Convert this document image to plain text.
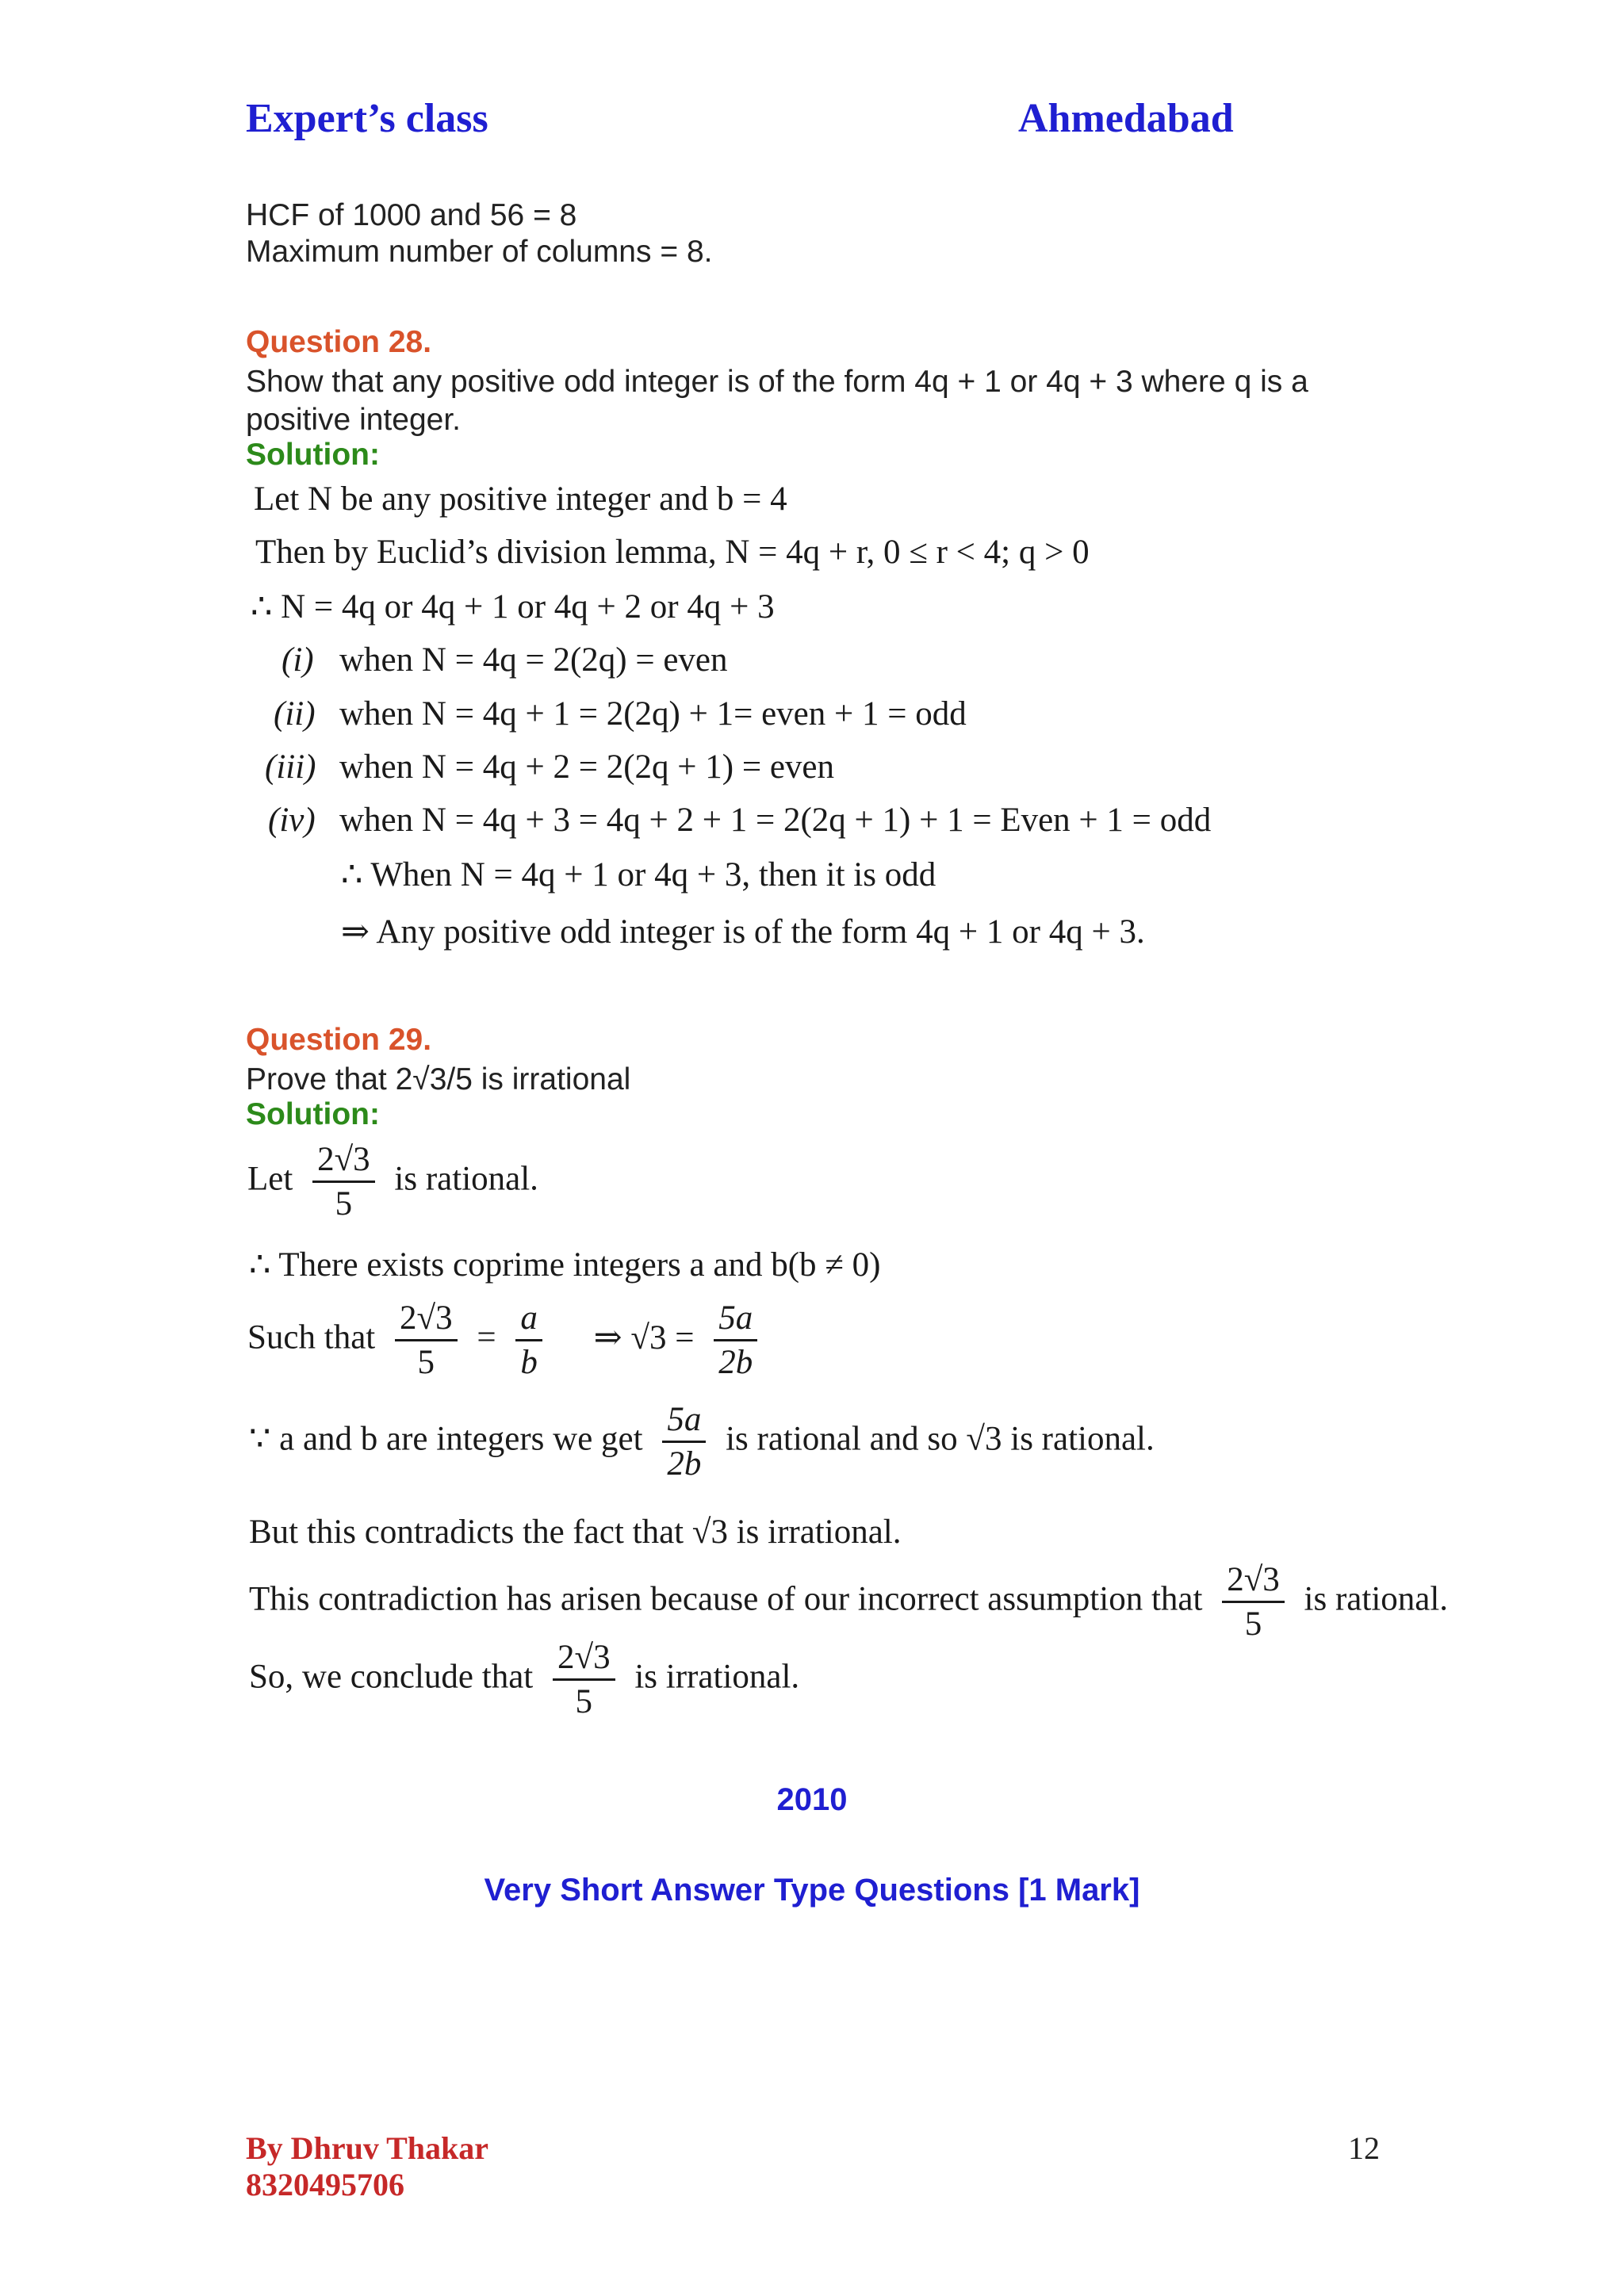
Expert’s class	Ahmedabad
HCF of 1000 and 56 = 8
Maximum number of columns = 8.
Question 28.
Show that any positive odd integer is of the form 4q + 1 or 4q + 3 where q is a
positive integer.
Solution:
Let N be any positive integer and b = 4
Then by Euclid’s division lemma, N = 4q + r, 0 ≤ r < 4; q > 0
∴ N = 4q or 4q + 1 or 4q + 2 or 4q + 3
(i) when N = 4q = 2(2q) = even
(ii) when N = 4q + 1 = 2(2q) + 1= even + 1 = odd
(iii) when N = 4q + 2 = 2(2q + 1) = even
(iv) when N = 4q + 3 = 4q + 2 + 1 = 2(2q + 1) + 1 = Even + 1 = odd
∴ When N = 4q + 1 or 4q + 3, then it is odd
⇒ Any positive odd integer is of the form 4q + 1 or 4q + 3.
Question 29.
Prove that 2√3/5 is irrational
Solution:
Let $\frac{2√3}{5}$ is rational.
∴ There exists coprime integers a and b(b ≠ 0)
Such that $\frac{2√3}{5} = \frac{a}{b}$ ⇒ $√3 = \frac{5a}{2b}$
∵ a and b are integers we get $\frac{5a}{2b}$ is rational and so √3 is rational.
But this contradicts the fact that √3 is irrational.
This contradiction has arisen because of our incorrect assumption that $\frac{2√3}{5}$ is rational.
So, we conclude that $\frac{2√3}{5}$ is irrational.
2010
Very Short Answer Type Questions [1 Mark]
By Dhruv Thakar
8320495706
12
